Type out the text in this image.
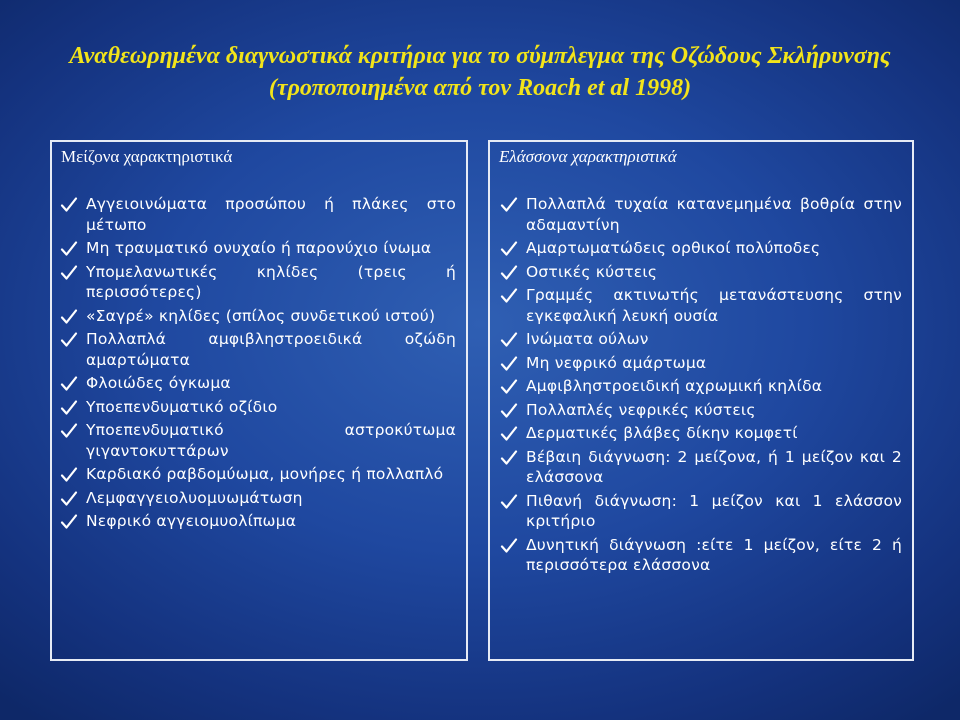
Αναθεωρημένα διαγνωστικά κριτήρια για το σύμπλεγμα της Οζώδους Σκλήρυνσης
(τροποποιημένα από τον Roach et al 1998)
Μείζονα χαρακτηριστικά
Αγγειοινώματα προσώπου ή πλάκες στο μέτωπο
Μη τραυματικό ονυχαίο ή παρονύχιο ίνωμα
Υπομελανωτικές κηλίδες (τρεις ή περισσότερες)
«Σαγρέ» κηλίδες (σπίλος συνδετικού ιστού)
Πολλαπλά αμφιβληστροειδικά οζώδη αμαρτώματα
Φλοιώδες όγκωμα
Υποεπενδυματικό οζίδιο
Υποεπενδυματικό αστροκύτωμα γιγαντοκυττάρων
Καρδιακό ραβδομύωμα, μονήρες ή πολλαπλό
Λεμφαγγειολυομυωμάτωση
Νεφρικό αγγειομυολίπωμα
Ελάσσονα χαρακτηριστικά
Πολλαπλά τυχαία κατανεμημένα βοθρία στην αδαμαντίνη
Αμαρτωματώδεις ορθικοί πολύποδες
Οστικές κύστεις
Γραμμές ακτινωτής μετανάστευσης στην εγκεφαλική λευκή ουσία
Ινώματα ούλων
Μη νεφρικό αμάρτωμα
Αμφιβληστροειδική αχρωμική κηλίδα
Πολλαπλές νεφρικές κύστεις
Δερματικές βλάβες δίκην κομφετί
Βέβαιη διάγνωση: 2 μείζονα, ή 1 μείζον και 2 ελάσσονα
Πιθανή διάγνωση: 1 μείζον και 1 ελάσσον κριτήριο
Δυνητική διάγνωση :είτε 1 μείζον, είτε 2 ή περισσότερα ελάσσονα
